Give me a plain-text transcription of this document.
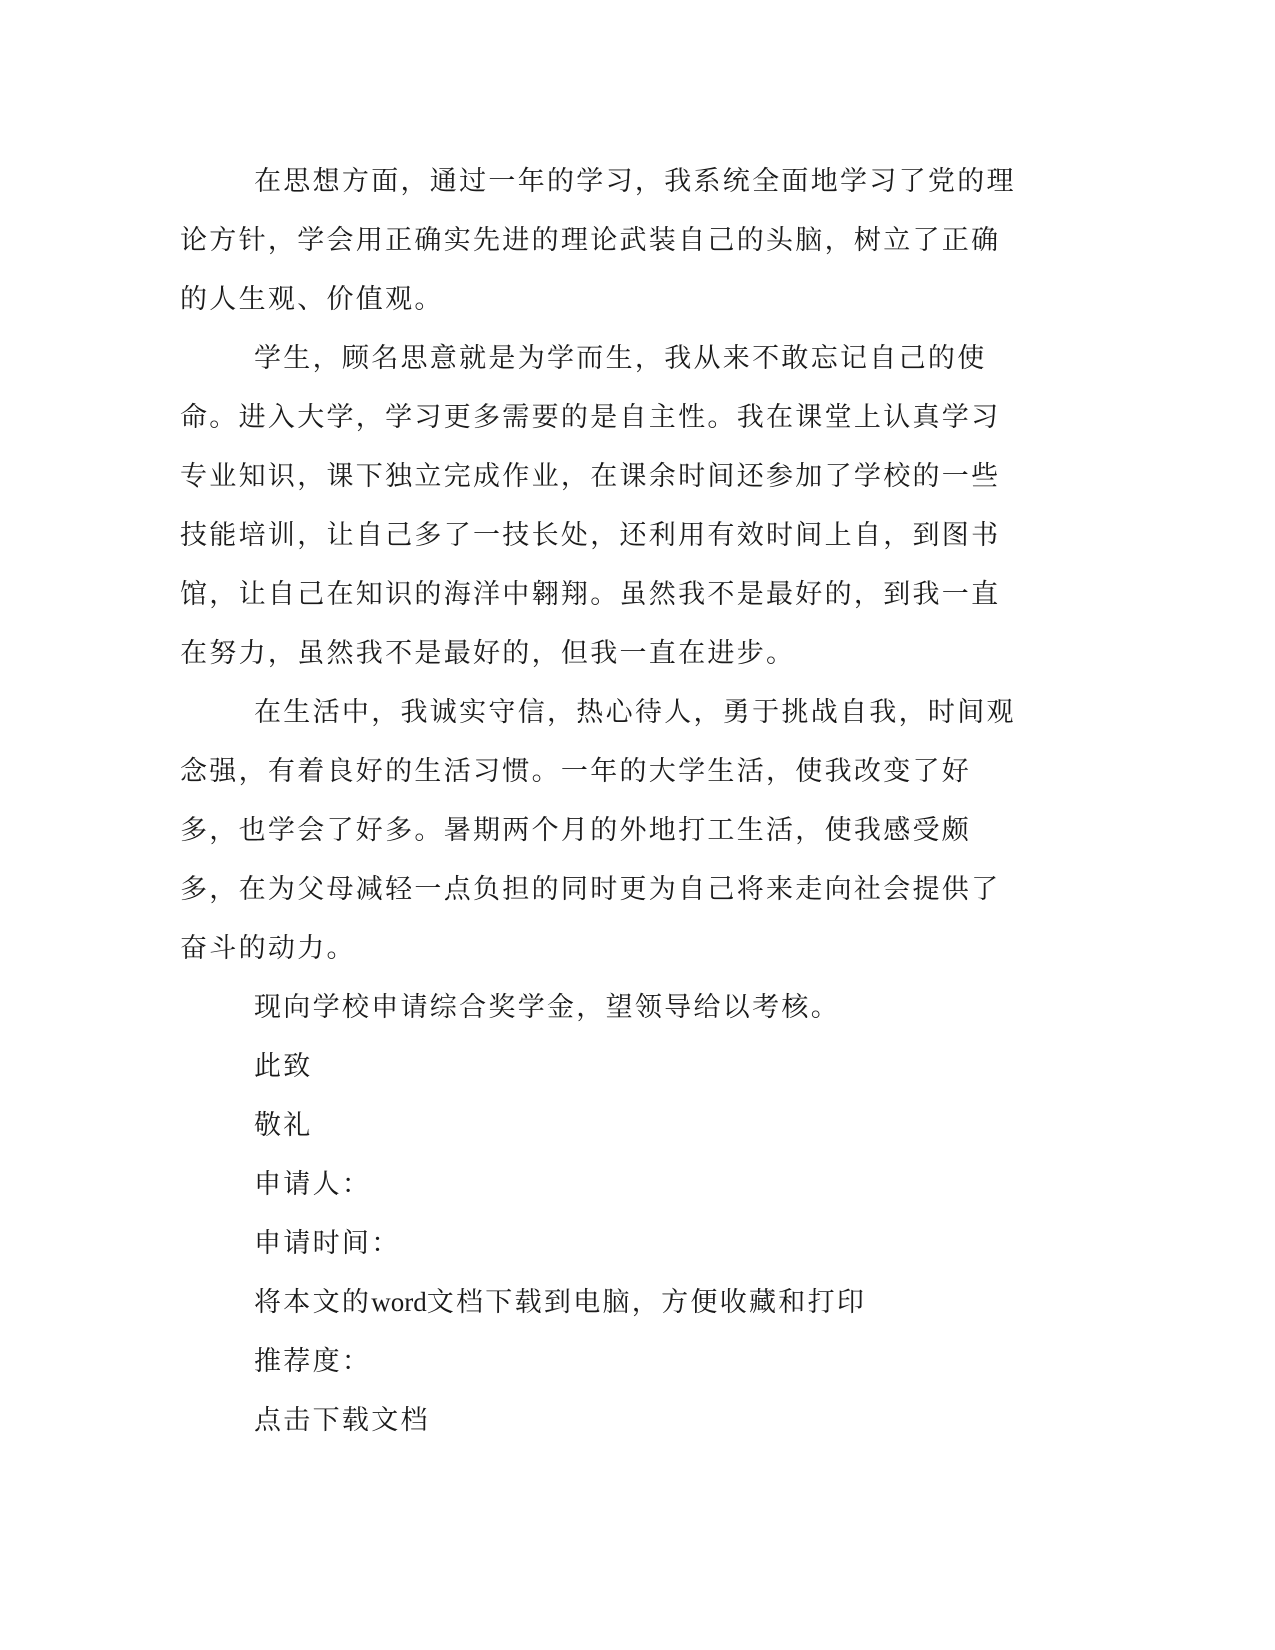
在思想方面，通过一年的学习，我系统全面地学习了党的理论方针，学会用正确实先进的理论武装自己的头脑，树立了正确的人生观、价值观。

学生，顾名思意就是为学而生，我从来不敢忘记自己的使命。进入大学，学习更多需要的是自主性。我在课堂上认真学习专业知识，课下独立完成作业，在课余时间还参加了学校的一些技能培训，让自己多了一技长处，还利用有效时间上自，到图书馆，让自己在知识的海洋中翱翔。虽然我不是最好的，到我一直在努力，虽然我不是最好的，但我一直在进步。

在生活中，我诚实守信，热心待人，勇于挑战自我，时间观念强，有着良好的生活习惯。一年的大学生活，使我改变了好多，也学会了好多。暑期两个月的外地打工生活，使我感受颇多，在为父母减轻一点负担的同时更为自己将来走向社会提供了奋斗的动力。

现向学校申请综合奖学金，望领导给以考核。

此致

敬礼

申请人：

申请时间：

将本文的word文档下载到电脑，方便收藏和打印

推荐度：

点击下载文档
